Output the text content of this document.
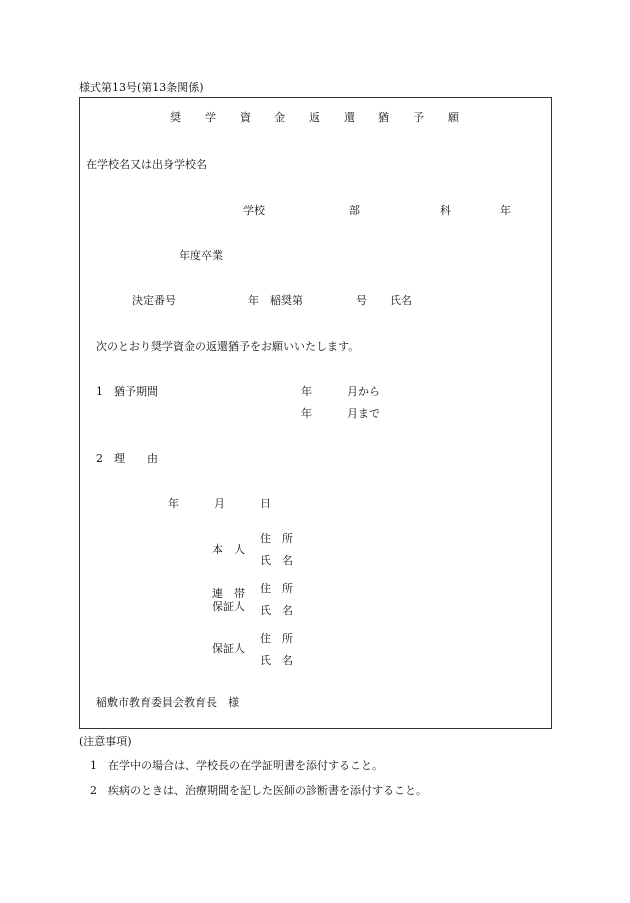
様式第13号(第13条関係)
奨 学 資 金 返 還 猶 予 願
在学校名又は出身学校名
学校	部	科	年
年度卒業
決定番号	年 稲奨第	号 氏名
次のとおり奨学資金の返還猶予をお願いいたします。
1　猶予期間	年	月から
年	月まで
2　理　　由
年	月	日
本　人
住　所
氏　名
連　帯
保証人
住　所
氏　名
保証人
住　所
氏　名
稲敷市教育委員会教育長　様
(注意事項)
1　在学中の場合は、学校長の在学証明書を添付すること。
2　疾病のときは、治療期間を記した医師の診断書を添付すること。
